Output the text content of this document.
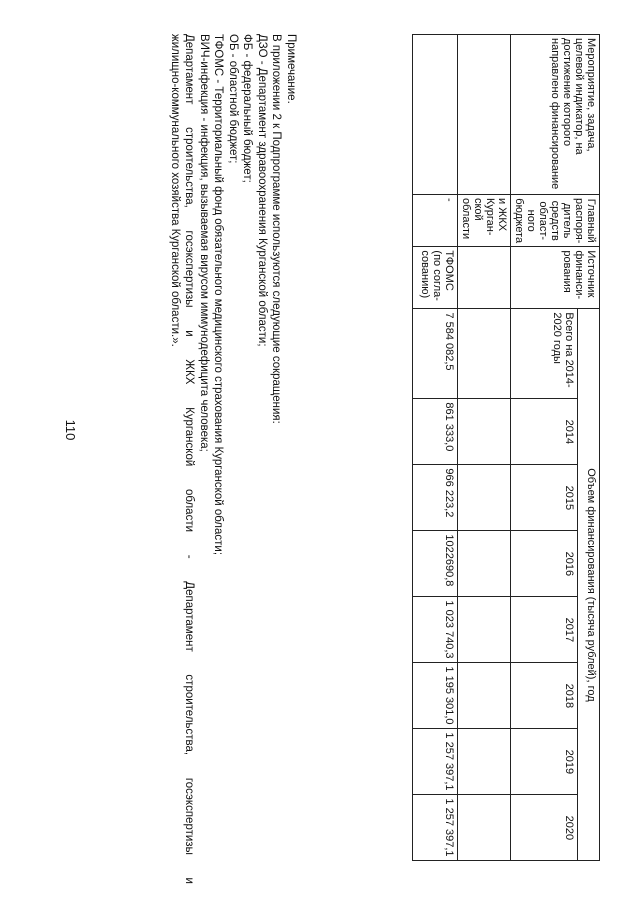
110
Мероприятие, задача, целевой индикатор, на достижение которого направлено финансирование	Главный распоря-дитель средств област-ного бюджета	Источник финанси-рования	Объем финансирования (тысяча рублей), год							
			Всего на 2014-2020 годы	2014	2015	2016	2017	2018	2019	2020
	и ЖКХ Курган-ской области									
	-	ТФОМС (по согла-сованию)	7 584 082,5	861 333,0	966 223,2	1022690,8	1 023 740,3	1 195 301,0	1 257 397,1	1 257 397,1
Примечание.
В приложении 2 к Подпрограмме используются следующие сокращения:
ДЗО - Департамент здравоохранения Курганской области;
ФБ - федеральный бюджет;
ОБ - областной бюджет;
ТФОМС - Территориальный фонд обязательного медицинского страхования Курганской области;
ВИЧ-инфекция - инфекция, вызываемая вирусом иммунодефицита человека;
Департамент строительства, госэкспертизы и ЖКХ Курганской области - Департамент строительства, госэкспертизы и
жилищно-коммунального хозяйства Курганской области.».
